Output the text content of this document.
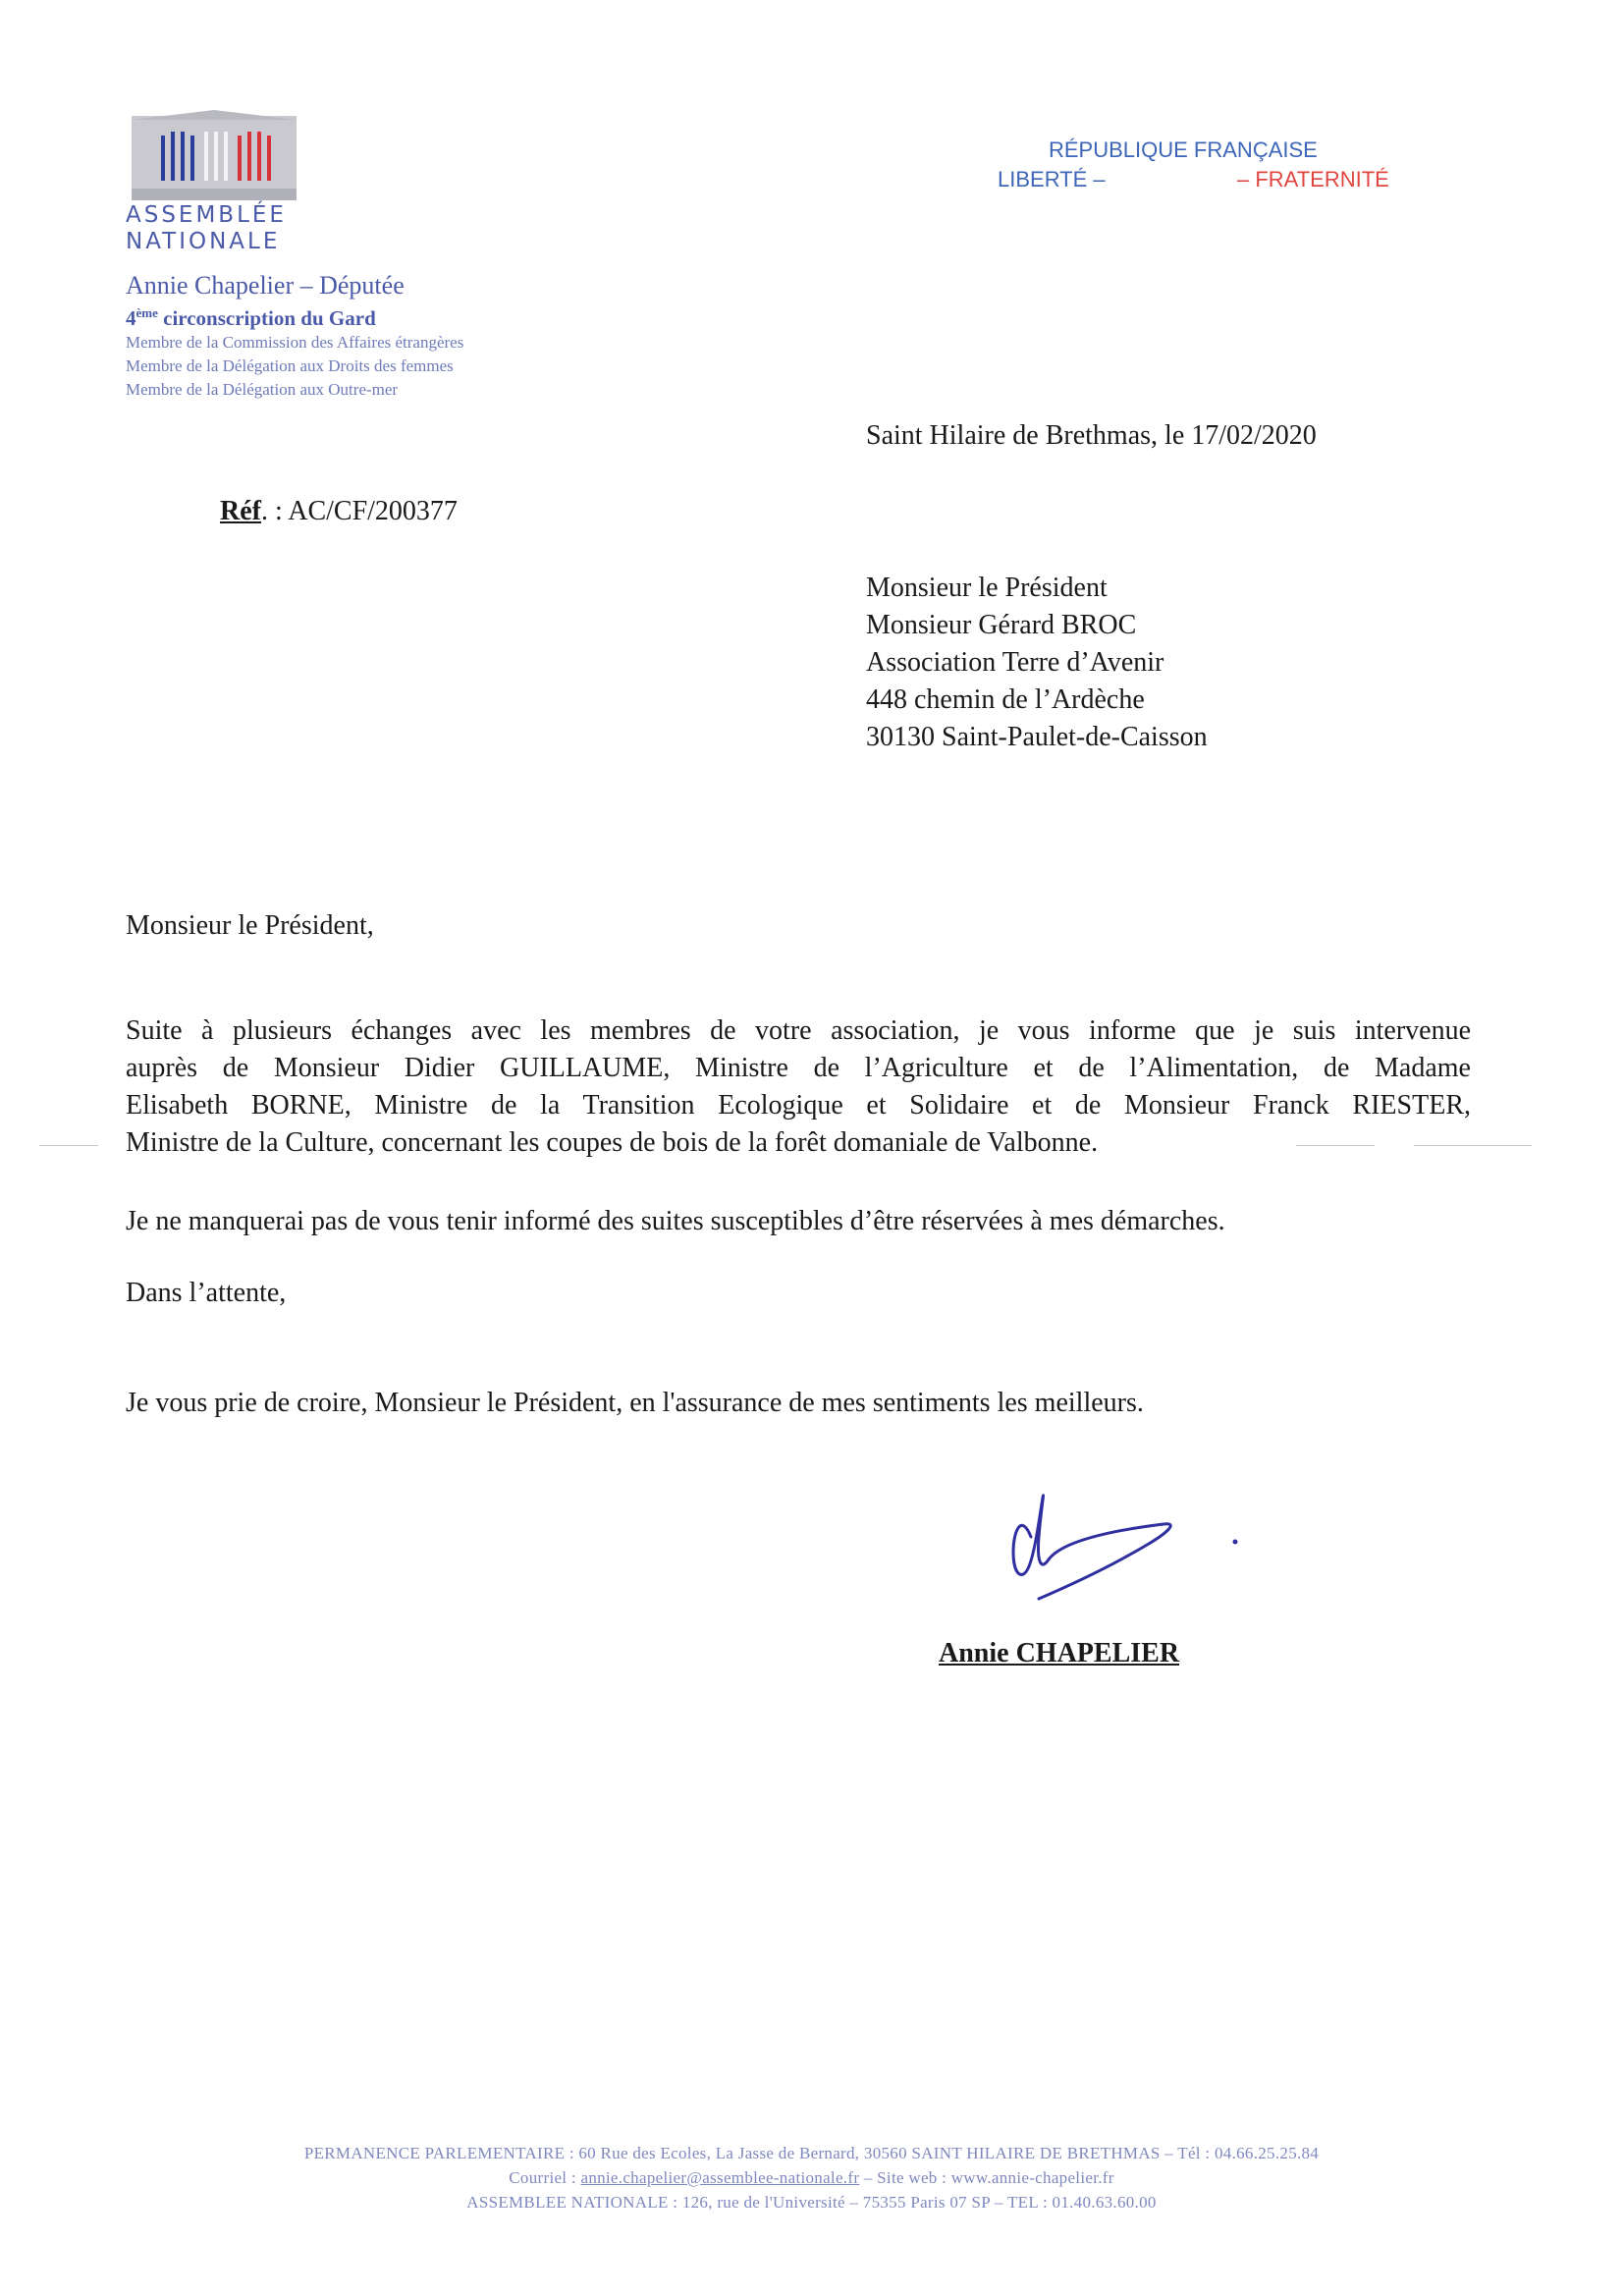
ASSEMBLÉE
NATIONALE
Annie Chapelier – Députée
4ème circonscription du Gard
Membre de la Commission des Affaires étrangères
Membre de la Délégation aux Droits des femmes
Membre de la Délégation aux Outre-mer
RÉPUBLIQUE FRANÇAISE
LIBERTÉ –	– FRATERNITÉ
Saint Hilaire de Brethmas, le 17/02/2020
Réf. : AC/CF/200377
Monsieur le Président
Monsieur Gérard BROC
Association Terre d’Avenir
448 chemin de l’Ardèche
30130 Saint-Paulet-de-Caisson
Monsieur le Président,
Suite à plusieurs échanges avec les membres de votre association, je vous informe que je suis intervenue
auprès de Monsieur Didier GUILLAUME, Ministre de l’Agriculture et de l’Alimentation, de Madame
Elisabeth BORNE, Ministre de la Transition Ecologique et Solidaire et de Monsieur Franck RIESTER,
Ministre de la Culture, concernant les coupes de bois de la forêt domaniale de Valbonne.
Je ne manquerai pas de vous tenir informé des suites susceptibles d’être réservées à mes démarches.
Dans l’attente,
Je vous prie de croire, Monsieur le Président, en l'assurance de mes sentiments les meilleurs.
Annie CHAPELIER
PERMANENCE PARLEMENTAIRE : 60 Rue des Ecoles, La Jasse de Bernard, 30560 SAINT HILAIRE DE BRETHMAS – Tél : 04.66.25.25.84
Courriel : annie.chapelier@assemblee-nationale.fr – Site web : www.annie-chapelier.fr
ASSEMBLEE NATIONALE : 126, rue de l'Université – 75355 Paris 07 SP – TEL : 01.40.63.60.00
